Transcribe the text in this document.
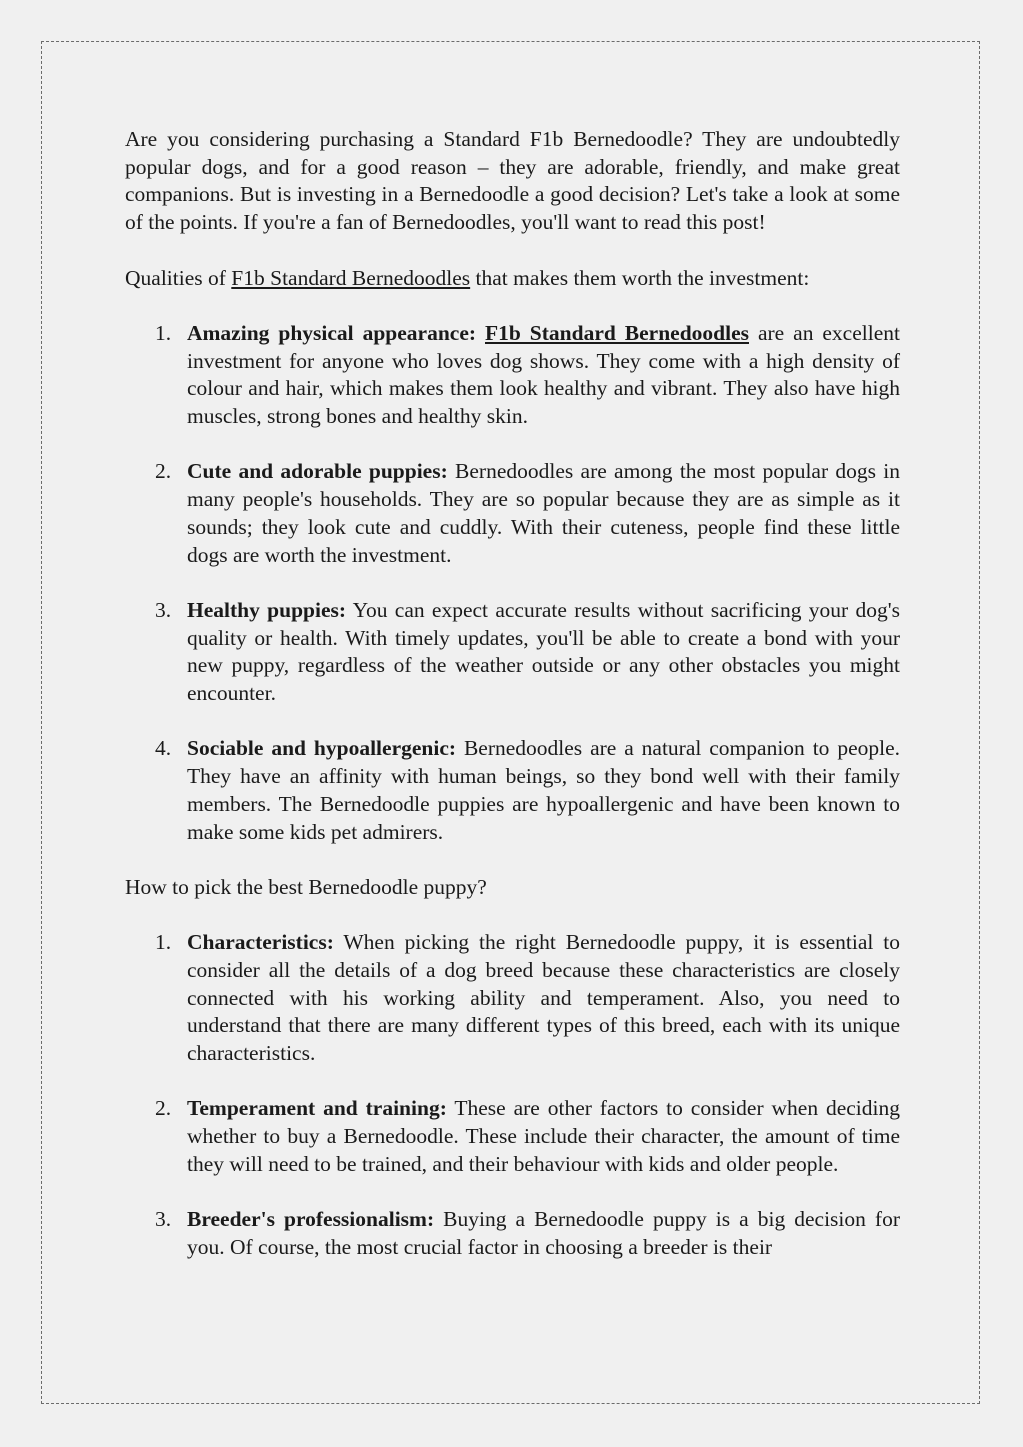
Are you considering purchasing a Standard F1b Bernedoodle? They are undoubtedly popular dogs, and for a good reason – they are adorable, friendly, and make great companions. But is investing in a Bernedoodle a good decision? Let's take a look at some of the points. If you're a fan of Bernedoodles, you'll want to read this post!

Qualities of F1b Standard Bernedoodles that makes them worth the investment:

1. Amazing physical appearance: F1b Standard Bernedoodles are an excellent investment for anyone who loves dog shows. They come with a high density of colour and hair, which makes them look healthy and vibrant. They also have high muscles, strong bones and healthy skin.
2. Cute and adorable puppies: Bernedoodles are among the most popular dogs in many people's households. They are so popular because they are as simple as it sounds; they look cute and cuddly. With their cuteness, people find these little dogs are worth the investment.
3. Healthy puppies: You can expect accurate results without sacrificing your dog's quality or health. With timely updates, you'll be able to create a bond with your new puppy, regardless of the weather outside or any other obstacles you might encounter.
4. Sociable and hypoallergenic: Bernedoodles are a natural companion to people. They have an affinity with human beings, so they bond well with their family members. The Bernedoodle puppies are hypoallergenic and have been known to make some kids pet admirers.

How to pick the best Bernedoodle puppy?

1. Characteristics: When picking the right Bernedoodle puppy, it is essential to consider all the details of a dog breed because these characteristics are closely connected with his working ability and temperament. Also, you need to understand that there are many different types of this breed, each with its unique characteristics.
2. Temperament and training: These are other factors to consider when deciding whether to buy a Bernedoodle. These include their character, the amount of time they will need to be trained, and their behaviour with kids and older people.
3. Breeder's professionalism: Buying a Bernedoodle puppy is a big decision for you. Of course, the most crucial factor in choosing a breeder is their
